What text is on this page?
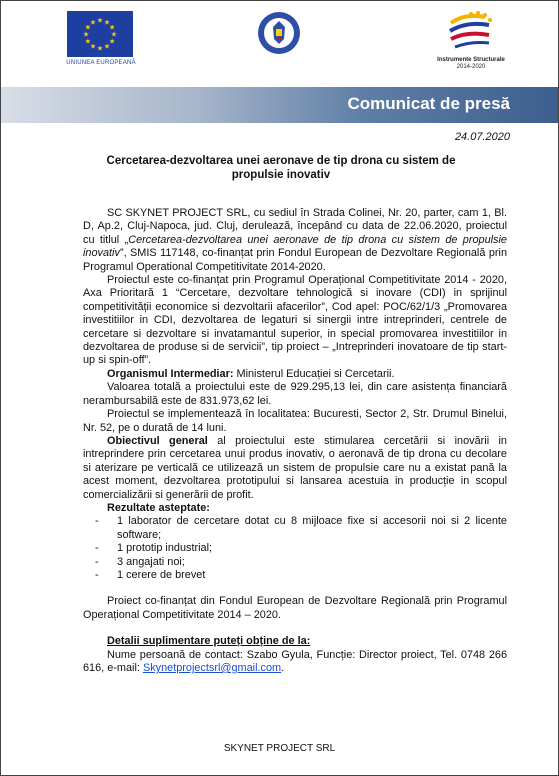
★ ★
★
★
★
★
★
★
★
★
★
★
UNIUNEA EUROPEANĂ	Instrumente Structurale
2014-2020
Comunicat de presă
24.07.2020
Cercetarea-dezvoltarea unei aeronave de tip drona cu sistem de propulsie inovativ

SC SKYNET PROJECT SRL, cu sediul în Strada Colinei, Nr. 20, parter, cam 1, Bl. D, Ap.2, Cluj-Napoca, jud. Cluj, derulează, începând cu data de 22.06.2020, proiectul cu titlul „Cercetarea-dezvoltarea unei aeronave de tip drona cu sistem de propulsie inovativ”, SMIS 117148, co-finanțat prin Fondul European de Dezvoltare Regională prin Programul Operational Competitivitate 2014-2020.

Proiectul este co-finanțat prin Programul Operațional Competitivitate 2014 - 2020, Axa Prioritară 1 “Cercetare, dezvoltare tehnologică si inovare (CDI) in sprijinul competitivității economice si dezvoltarii afacerilor”, Cod apel: POC/62/1/3 „Promovarea investitiilor in CDI, dezvoltarea de legaturi si sinergii intre intreprinderi, centrele de cercetare si dezvoltare si invatamantul superior, in special promovarea investitiilor in dezvoltarea de produse si de servicii”, tip proiect – „Intreprinderi inovatoare de tip start-up si spin-off”.

Organismul Intermediar: Ministerul Educației si Cercetarii.

Valoarea totală a proiectului este de 929.295,13 lei, din care asistența financiară nerambursabilă este de 831.973,62 lei.

Proiectul se implementează în localitatea: Bucuresti, Sector 2, Str. Drumul Binelui, Nr. 52, pe o durată de 14 luni.

Obiectivul general al proiectului este stimularea cercetării si inovării in intreprindere prin cercetarea unui produs inovativ, o aeronavă de tip drona cu decolare si aterizare pe verticală ce utilizează un sistem de propulsie care nu a existat pană la acest moment, dezvoltarea prototipului si lansarea acestuia in producție in scopul comercializării si generării de profit.

Rezultate asteptate:

- 1 laborator de cercetare dotat cu 8 mijloace fixe si accesorii noi si 2 licente software;
- 1 prototip industrial;
- 3 angajati noi;
- 1 cerere de brevet

Proiect co-finanțat din Fondul European de Dezvoltare Regională prin Programul Operațional Competitivitate 2014 – 2020.

Detalii suplimentare puteți obține de la:

Nume persoană de contact: Szabo Gyula, Funcție: Director proiect, Tel. 0748 266 616, e-mail: Skynetprojectsrl@gmail.com.

SKYNET PROJECT SRL
